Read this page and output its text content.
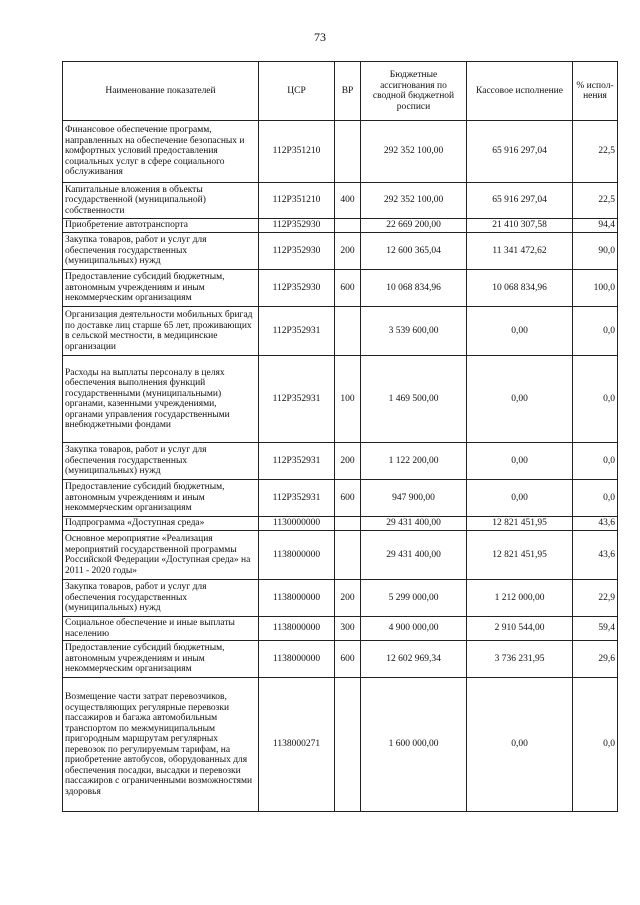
73
Наименование показателей	ЦСР	ВР	Бюджетные ассигнования по сводной бюджетной росписи	Кассовое исполнение	% испол-нения
Финансовое обеспечение программ, направленных на обеспечение безопасных и комфортных условий предоставления социальных услуг в сфере социального обслуживания	112P351210		292 352 100,00	65 916 297,04	22,5
Капитальные вложения в объекты государственной (муниципальной) собственности	112P351210	400	292 352 100,00	65 916 297,04	22,5
Приобретение автотранспорта	112P352930		22 669 200,00	21 410 307,58	94,4
Закупка товаров, работ и услуг для обеспечения государственных (муниципальных) нужд	112P352930	200	12 600 365,04	11 341 472,62	90,0
Предоставление субсидий бюджетным, автономным учреждениям и иным некоммерческим организациям	112P352930	600	10 068 834,96	10 068 834,96	100,0
Организация деятельности мобильных бригад по доставке лиц старше 65 лет, проживающих в сельской местности, в медицинские организации	112P352931		3 539 600,00	0,00	0,0
Расходы на выплаты персоналу в целях обеспечения выполнения функций государственными (муниципальными) органами, казенными учреждениями, органами управления государственными внебюджетными фондами	112P352931	100	1 469 500,00	0,00	0,0
Закупка товаров, работ и услуг для обеспечения государственных (муниципальных) нужд	112P352931	200	1 122 200,00	0,00	0,0
Предоставление субсидий бюджетным, автономным учреждениям и иным некоммерческим организациям	112P352931	600	947 900,00	0,00	0,0
Подпрограмма «Доступная среда»	1130000000		29 431 400,00	12 821 451,95	43,6
Основное мероприятие «Реализация мероприятий государственной программы Российской Федерации «Доступная среда» на 2011 - 2020 годы»	1138000000		29 431 400,00	12 821 451,95	43,6
Закупка товаров, работ и услуг для обеспечения государственных (муниципальных) нужд	1138000000	200	5 299 000,00	1 212 000,00	22,9
Социальное обеспечение и иные выплаты населению	1138000000	300	4 900 000,00	2 910 544,00	59,4
Предоставление субсидий бюджетным, автономным учреждениям и иным некоммерческим организациям	1138000000	600	12 602 969,34	3 736 231,95	29,6
Возмещение части затрат перевозчиков, осуществляющих регулярные перевозки пассажиров и багажа автомобильным транспортом по межмуниципальным пригородным маршрутам регулярных перевозок по регулируемым тарифам, на приобретение автобусов, оборудованных для обеспечения посадки, высадки и перевозки пассажиров с ограниченными возможностями здоровья	1138000271		1 600 000,00	0,00	0,0
